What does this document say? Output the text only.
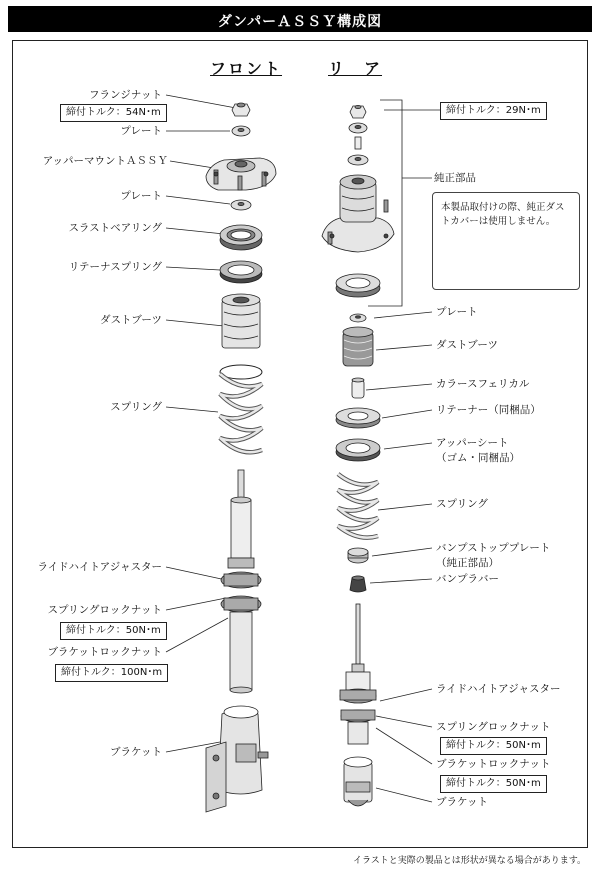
ダンパーＡＳＳＹ構成図
フロント	リ　ア
フランジナット
締付トルク：54N･m
プレート
アッパーマウントＡＳＳＹ
プレート
スラストベアリング
リテーナスプリング
ダストブーツ
スプリング
ライドハイトアジャスター
スプリングロックナット
締付トルク：50N･m
ブラケットロックナット
締付トルク：100N･m
ブラケット
締付トルク：29N･m
純正部品
本製品取付けの際、純正ダストカバーは使用しません。
プレート
ダストブーツ
カラースフェリカル
リテーナー（同梱品）
アッパーシート
（ゴム・同梱品）
スプリング
バンプストッププレート
（純正部品）
バンプラバー
ライドハイトアジャスター
スプリングロックナット
締付トルク：50N･m
ブラケットロックナット
締付トルク：50N･m
ブラケット
イラストと実際の製品とは形状が異なる場合があります。
